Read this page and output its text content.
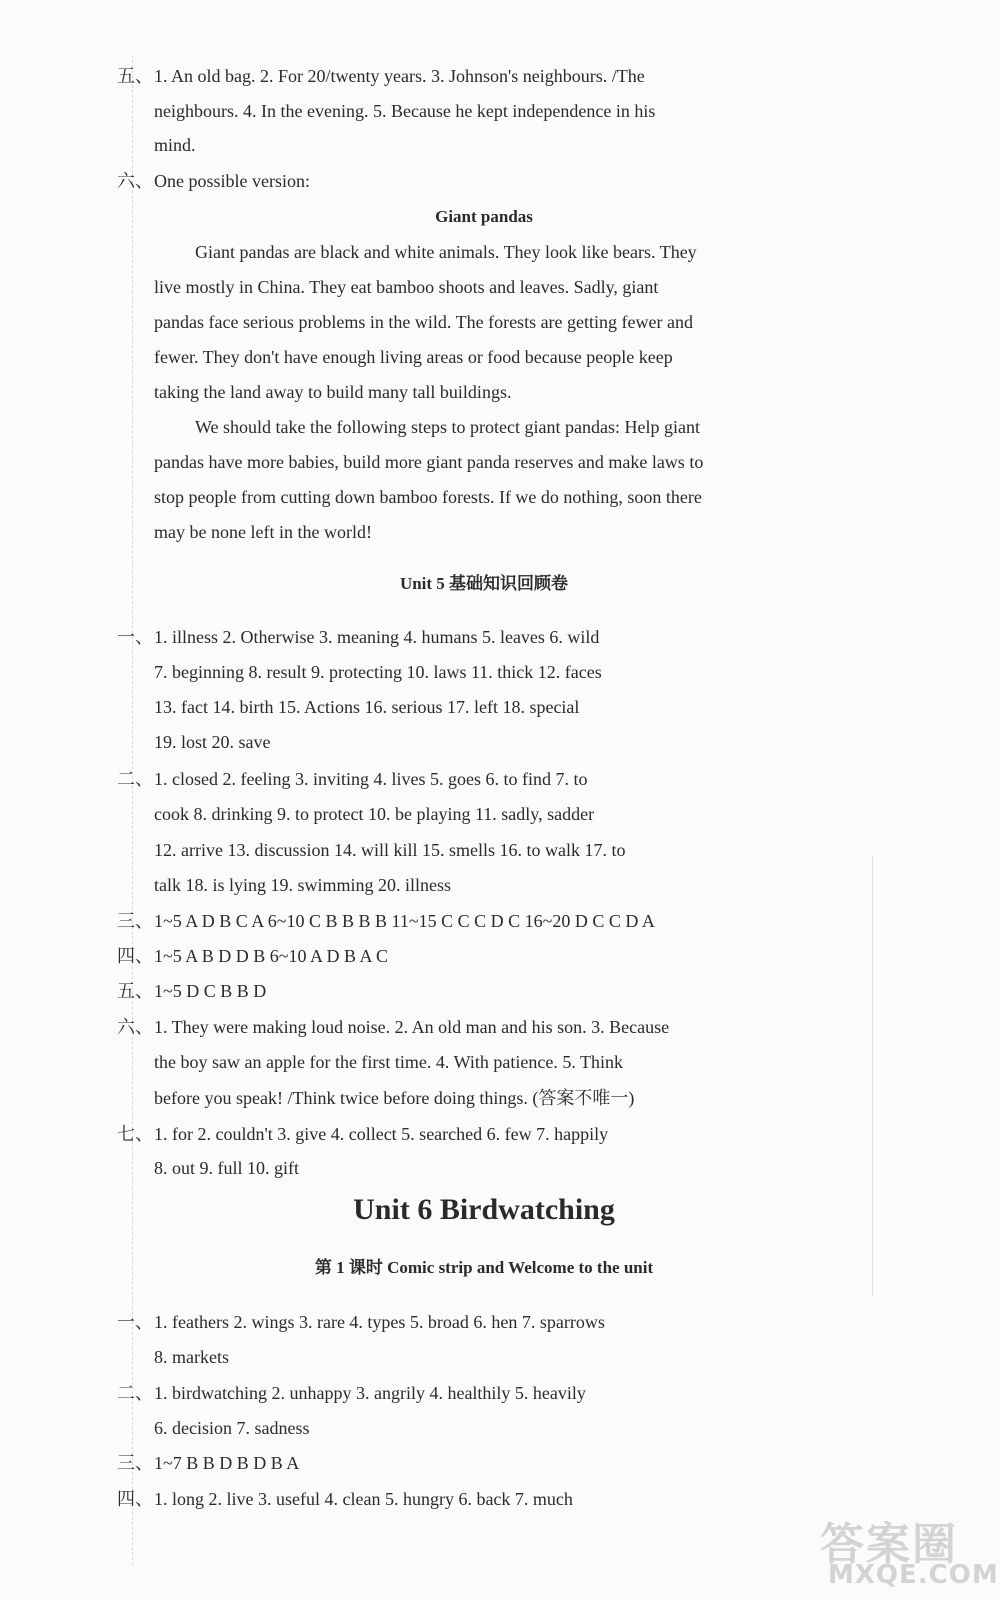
五、 1. An old bag. 2. For 20/twenty years. 3. Johnson's neighbours. /The
neighbours. 4. In the evening. 5. Because he kept independence in his
mind.
六、 One possible version:
Giant pandas
Giant pandas are black and white animals. They look like bears. They
live mostly in China. They eat bamboo shoots and leaves. Sadly, giant
pandas face serious problems in the wild. The forests are getting fewer and
fewer. They don't have enough living areas or food because people keep
taking the land away to build many tall buildings.
We should take the following steps to protect giant pandas: Help giant
pandas have more babies, build more giant panda reserves and make laws to
stop people from cutting down bamboo forests. If we do nothing, soon there
may be none left in the world!
Unit 5 基础知识回顾卷
一、 1. illness 2. Otherwise 3. meaning 4. humans 5. leaves 6. wild
7. beginning 8. result 9. protecting 10. laws 11. thick 12. faces
13. fact 14. birth 15. Actions 16. serious 17. left 18. special
19. lost 20. save
二、 1. closed 2. feeling 3. inviting 4. lives 5. goes 6. to find 7. to
cook 8. drinking 9. to protect 10. be playing 11. sadly, sadder
12. arrive 13. discussion 14. will kill 15. smells 16. to walk 17. to
talk 18. is lying 19. swimming 20. illness
三、 1~5 A D B C A 6~10 C B B B B 11~15 C C C D C 16~20 D C C D A
四、 1~5 A B D D B 6~10 A D B A C
五、 1~5 D C B B D
六、 1. They were making loud noise. 2. An old man and his son. 3. Because
the boy saw an apple for the first time. 4. With patience. 5. Think
before you speak! /Think twice before doing things. (答案不唯一)
七、 1. for 2. couldn't 3. give 4. collect 5. searched 6. few 7. happily
8. out 9. full 10. gift
Unit 6 Birdwatching
第 1 课时 Comic strip and Welcome to the unit
一、 1. feathers 2. wings 3. rare 4. types 5. broad 6. hen 7. sparrows
8. markets
二、 1. birdwatching 2. unhappy 3. angrily 4. healthily 5. heavily
6. decision 7. sadness
三、 1~7 B B D B D B A
四、 1. long 2. live 3. useful 4. clean 5. hungry 6. back 7. much
答案圈
MXQE.COM
